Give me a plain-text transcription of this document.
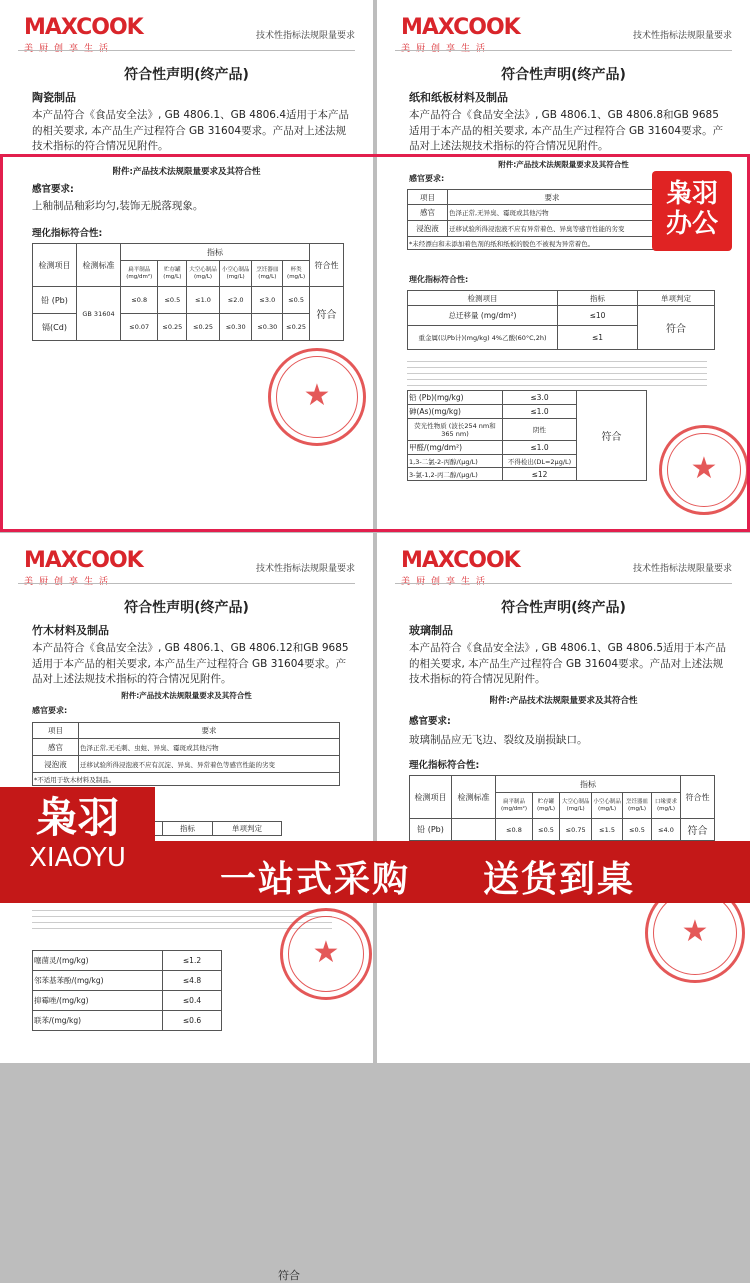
MAXCOOK
美厨创享生活
技术性指标法规限量要求
符合性声明(终产品)
陶瓷制品
本产品符合《食品安全法》, GB 4806.1、GB 4806.4适用于本产品的相关要求, 本产品生产过程符合 GB 31604要求。产品对上述法规技术指标的符合情况见附件。
附件:产品技术法规限量要求及其符合性
感官要求:
上釉制品釉彩均匀,装饰无脱落现象。
理化指标符合性:
检测项目	检测标准	指标						符合性
		扁平制品 (mg/dm²)	贮存罐 (mg/L)	大空心制品 (mg/L)	小空心制品 (mg/L)	烹饪器皿 (mg/L)	杯类 (mg/L)	
铅 (Pb)	GB 31604	≤0.8	≤0.5	≤1.0	≤2.0	≤3.0	≤0.5	符合
镉(Cd)		≤0.07	≤0.25	≤0.25	≤0.30	≤0.30	≤0.25	
★
MAXCOOK
美厨创享生活
技术性指标法规限量要求
符合性声明(终产品)
纸和纸板材料及制品
本产品符合《食品安全法》, GB 4806.1、GB 4806.8和GB 9685适用于本产品的相关要求, 本产品生产过程符合 GB 31604要求。产品对上述法规技术指标的符合情况见附件。
附件:产品技术法规限量要求及其符合性
感官要求:
项目	要求
感官	色泽正常,无异臭、霉斑或其他污物
浸泡液	迁移试验所得浸泡液不应有异常着色、异臭等感官性能的劣变
*未经漂白和未添加着色剂的纸和纸板的脱色不被视为异常着色。	
理化指标符合性:
检测项目	指标	单项判定
总迁移量 (mg/dm²)	≤10	符合
重金属(以Pb计)(mg/kg) 4%乙酸(60°C,2h)	≤1	
铅 (Pb)(mg/kg)	≤3.0	符合
砷(As)(mg/kg)	≤1.0	
荧光性物质 (波长254 nm和365 nm)	阴性	
甲醛/(mg/dm²)	≤1.0	
1,3-二氯-2-丙醇/(μg/L)	不得检出(DL=2μg/L)	
3-氯-1,2-丙二醇/(μg/L)	≤12		★
MAXCOOK
美厨创享生活
技术性指标法规限量要求
符合性声明(终产品)
竹木材料及制品
本产品符合《食品安全法》, GB 4806.1、GB 4806.12和GB 9685适用于本产品的相关要求, 本产品生产过程符合 GB 31604要求。产品对上述法规技术指标的符合情况见附件。
附件:产品技术法规限量要求及其符合性
感官要求:
项目	要求
感官	色泽正常,无毛刺、虫蛀、异臭、霉斑或其他污物
浸泡液	迁移试验所得浸泡液不应有沉淀、异臭、异常着色等感官性能的劣变
*不适用于软木材料及制品。	
	指标	单项判定
噻菌灵/(mg/kg)	≤1.2
邻苯基苯酚/(mg/kg)	≤4.8
抑霉唑/(mg/kg)	≤0.4
联苯/(mg/kg)	≤0.6
符合
★
MAXCOOK
美厨创享生活
技术性指标法规限量要求
符合性声明(终产品)
玻璃制品
本产品符合《食品安全法》, GB 4806.1、GB 4806.5适用于本产品的相关要求, 本产品生产过程符合 GB 31604要求。产品对上述法规技术指标的符合情况见附件。
附件:产品技术法规限量要求及其符合性
感官要求:
玻璃制品应无飞边、裂纹及崩损缺口。
理化指标符合性:
检测项目	检测标准	指标						符合性
		扁平制品 (mg/dm²)	贮存罐 (mg/L)	大空心制品 (mg/L)	小空心制品 (mg/L)	烹饪器皿 (mg/L)	口缘要求 (mg/L)	
铅 (Pb)		≤0.8	≤0.5	≤0.75	≤1.5	≤0.5	≤4.0	符合
★
枭羽
办公
一站式采购 送货到桌
枭羽
XIAOYU
